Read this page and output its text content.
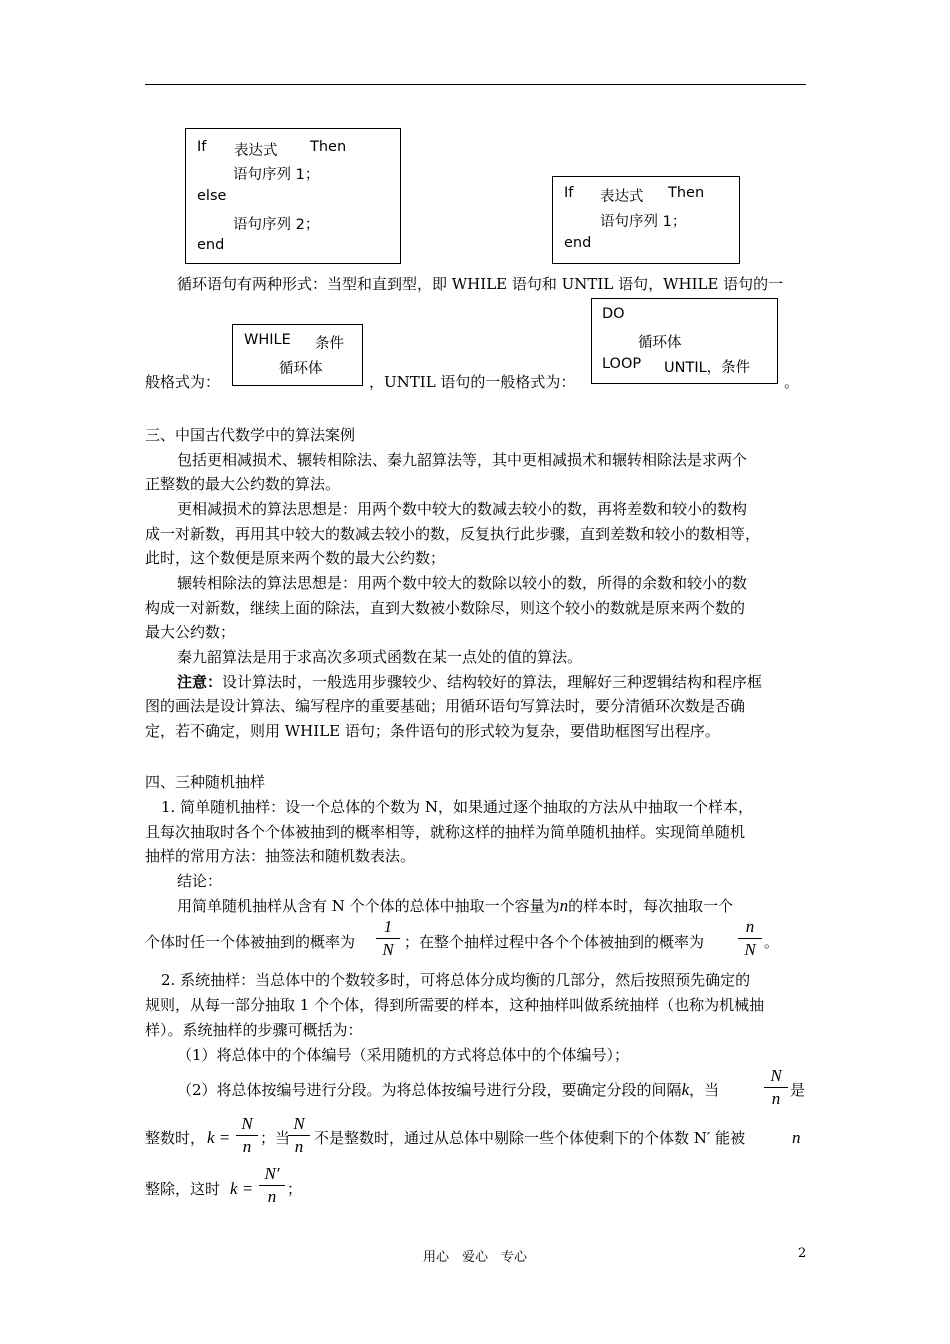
If 表达式 Then
语句序列 1；
else
语句序列 2；
end
If 表达式 Then
语句序列 1；
end
循环语句有两种形式：当型和直到型，即 WHILE 语句和 UNTIL 语句，WHILE 语句的一
WHILE 条件
循环体
DO
循环体
LOOP UNTIL，条件
般格式为：	，UNTIL 语句的一般格式为：	。
三、中国古代数学中的算法案例
包括更相减损术、辗转相除法、秦九韶算法等，其中更相减损术和辗转相除法是求两个
正整数的最大公约数的算法。
更相减损术的算法思想是：用两个数中较大的数减去较小的数，再将差数和较小的数构
成一对新数，再用其中较大的数减去较小的数，反复执行此步骤，直到差数和较小的数相等，
此时，这个数便是原来两个数的最大公约数；
辗转相除法的算法思想是：用两个数中较大的数除以较小的数，所得的余数和较小的数
构成一对新数，继续上面的除法，直到大数被小数除尽，则这个较小的数就是原来两个数的
最大公约数；
秦九韶算法是用于求高次多项式函数在某一点处的值的算法。
注意：设计算法时，一般选用步骤较少、结构较好的算法，理解好三种逻辑结构和程序框
图的画法是设计算法、编写程序的重要基础；用循环语句写算法时，要分清循环次数是否确
定，若不确定，则用 WHILE 语句；条件语句的形式较为复杂，要借助框图写出程序。
四、三种随机抽样
1. 简单随机抽样：设一个总体的个数为 N，如果通过逐个抽取的方法从中抽取一个样本，
且每次抽取时各个个体被抽到的概率相等，就称这样的抽样为简单随机抽样。实现简单随机
抽样的常用方法：抽签法和随机数表法。
结论：
用简单随机抽样从含有 N 个个体的总体中抽取一个容量为n的样本时，每次抽取一个
个体时任一个体被抽到的概率为
1
N ；在整个抽样过程中各个个体被抽到的概率为
n
N 。
2. 系统抽样：当总体中的个数较多时，可将总体分成均衡的几部分，然后按照预先确定的
规则，从每一部分抽取 1 个个体，得到所需要的样本，这种抽样叫做系统抽样（也称为机械抽
样）。系统抽样的步骤可概括为：
（1）将总体中的个体编号（采用随机的方式将总体中的个体编号）；
（2）将总体按编号进行分段。为将总体按编号进行分段，要确定分段的间隔k，当
N
n 是
整数时， k =
N
n ；当
N
n 不是整数时，通过从总体中剔除一些个体使剩下的个体数 N′ 能被	n
整除，这时 k =
N′
n ；
用心　爱心　专心	2
